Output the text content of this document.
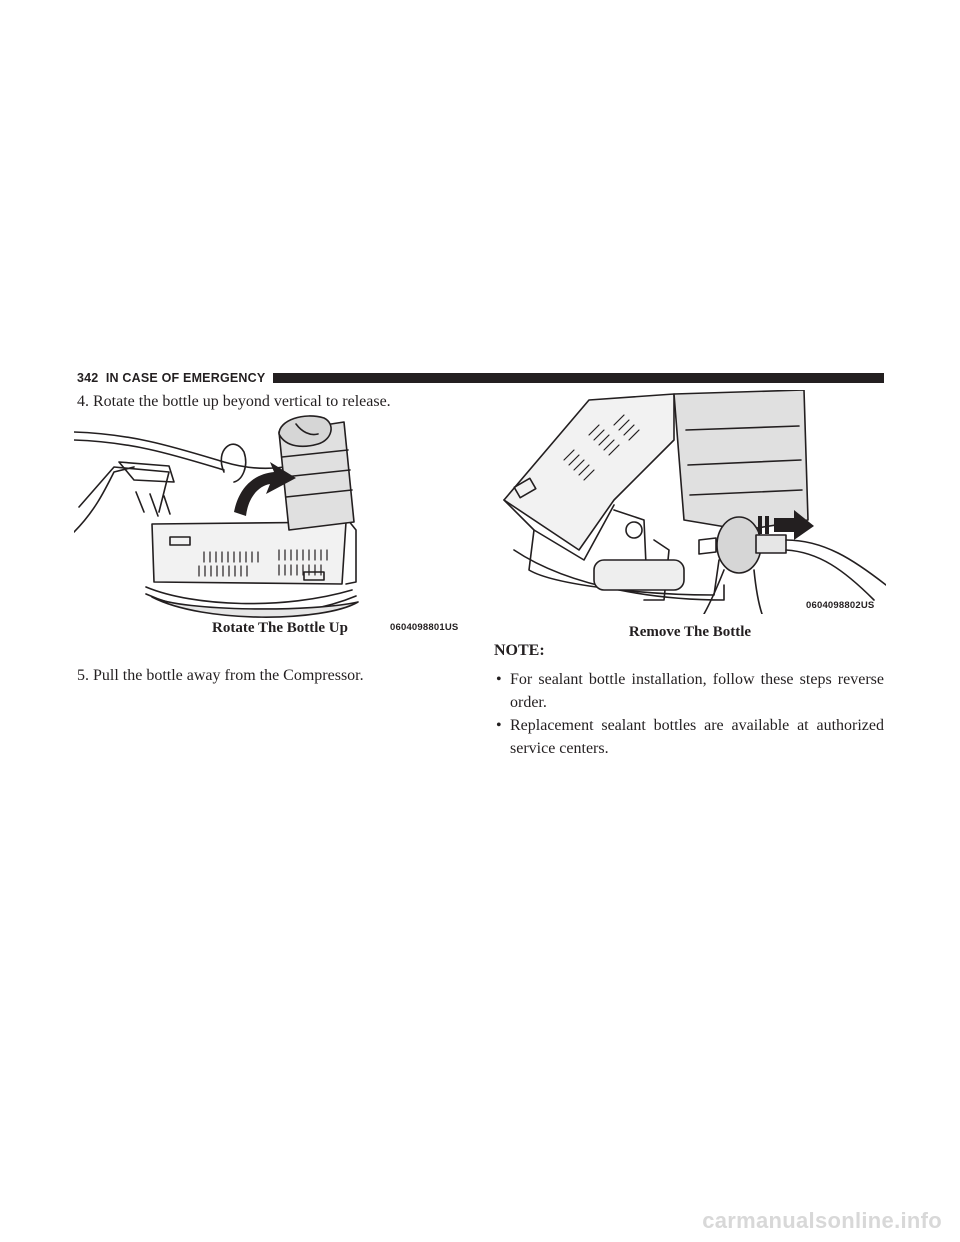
342 IN CASE OF EMERGENCY
4. Rotate the bottle up beyond vertical to release.
0604098801US
Rotate The Bottle Up
5. Pull the bottle away from the Compressor.
0604098802US
Remove The Bottle
NOTE:
• For sealant bottle installation, follow these steps reverse order.
• Replacement sealant bottles are available at authorized service centers.
carmanualsonline.info
